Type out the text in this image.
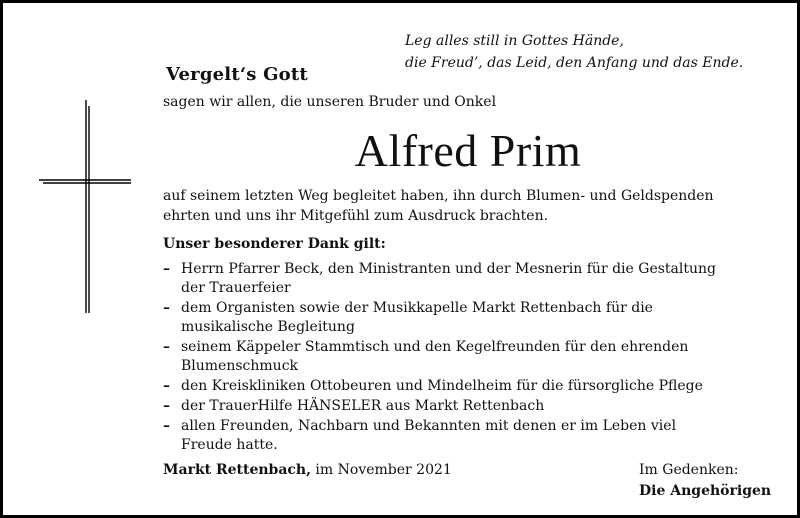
Leg alles still in Gottes Hände,
die Freud’, das Leid, den Anfang und das Ende.
Vergelt‘s Gott
sagen wir allen, die unseren Bruder und Onkel
Alfred Prim
auf seinem letzten Weg begleitet haben, ihn durch Blumen- und Geldspenden
ehrten und uns ihr Mitgefühl zum Ausdruck brachten.
Unser besonderer Dank gilt:
– Herrn Pfarrer Beck, den Ministranten und der Mesnerin für die Gestaltung
der Trauerfeier
– dem Organisten sowie der Musikkapelle Markt Rettenbach für die
musikalische Begleitung
– seinem Käppeler Stammtisch und den Kegelfreunden für den ehrenden
Blumenschmuck
– den Kreiskliniken Ottobeuren und Mindelheim für die fürsorgliche Pflege
– der TrauerHilfe HÄNSELER aus Markt Rettenbach
– allen Freunden, Nachbarn und Bekannten mit denen er im Leben viel
Freude hatte.
Markt Rettenbach, im November 2021	Im Gedenken:
Die Angehörigen
